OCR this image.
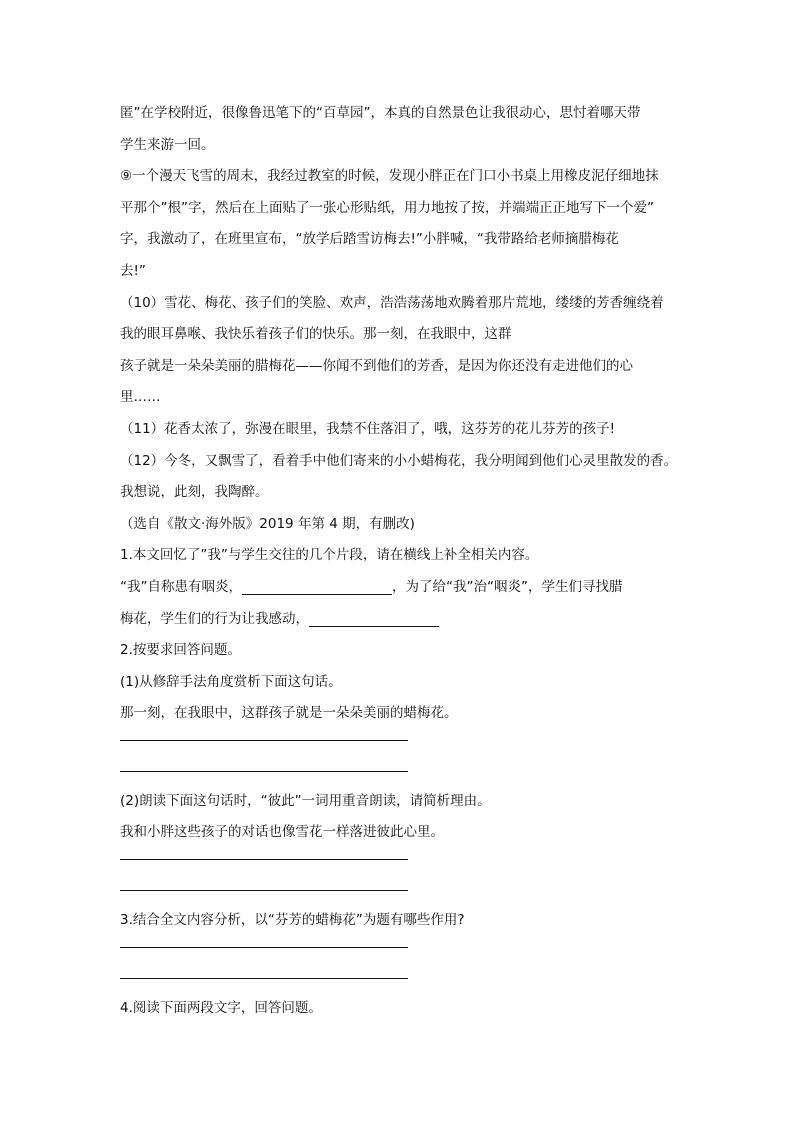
匿”在学校附近，很像鲁迅笔下的“百草园”，本真的自然景色让我很动心，思忖着哪天带
学生来游一回。
⑨一个漫天飞雪的周末，我经过教室的时候，发现小胖正在门口小书桌上用橡皮泥仔细地抹
平那个”根”字，然后在上面贴了一张心形贴纸，用力地按了按，并端端正正地写下一个爱”
字，我激动了，在班里宣布，“放学后踏雪访梅去!”小胖喊，“我带路给老师摘腊梅花
去!”
（10）雪花、梅花、孩子们的笑脸、欢声，浩浩荡荡地欢腾着那片荒地，缕缕的芳香缠绕着
我的眼耳鼻喉、我快乐着孩子们的快乐。那一刻，在我眼中，这群
孩子就是一朵朵美丽的腊梅花——你闻不到他们的芳香，是因为你还没有走进他们的心
里……
（11）花香太浓了，弥漫在眼里，我禁不住落泪了，哦，这芬芳的花儿芬芳的孩子!
（12）今冬，又飘雪了，看着手中他们寄来的小小蜡梅花，我分明闻到他们心灵里散发的香。
我想说，此刻，我陶醉。
（选自《散文·海外版》2019 年第 4 期，有删改)
1.本文回忆了”我”与学生交往的几个片段，请在横线上补全相关内容。
“我”自称患有咽炎，	，为了给“我”治“咽炎”，学生们寻找腊
梅花，学生们的行为让我感动，
2.按要求回答问题。
(1)从修辞手法角度赏析下面这句话。
那一刻，在我眼中，这群孩子就是一朵朵美丽的蜡梅花。
(2)朗读下面这句话时，“彼此”一词用重音朗读，请简析理由。
我和小胖这些孩子的对话也像雪花一样落进彼此心里。
3.结合全文内容分析，以“芬芳的蜡梅花”为题有哪些作用?
4.阅读下面两段文字，回答问题。
